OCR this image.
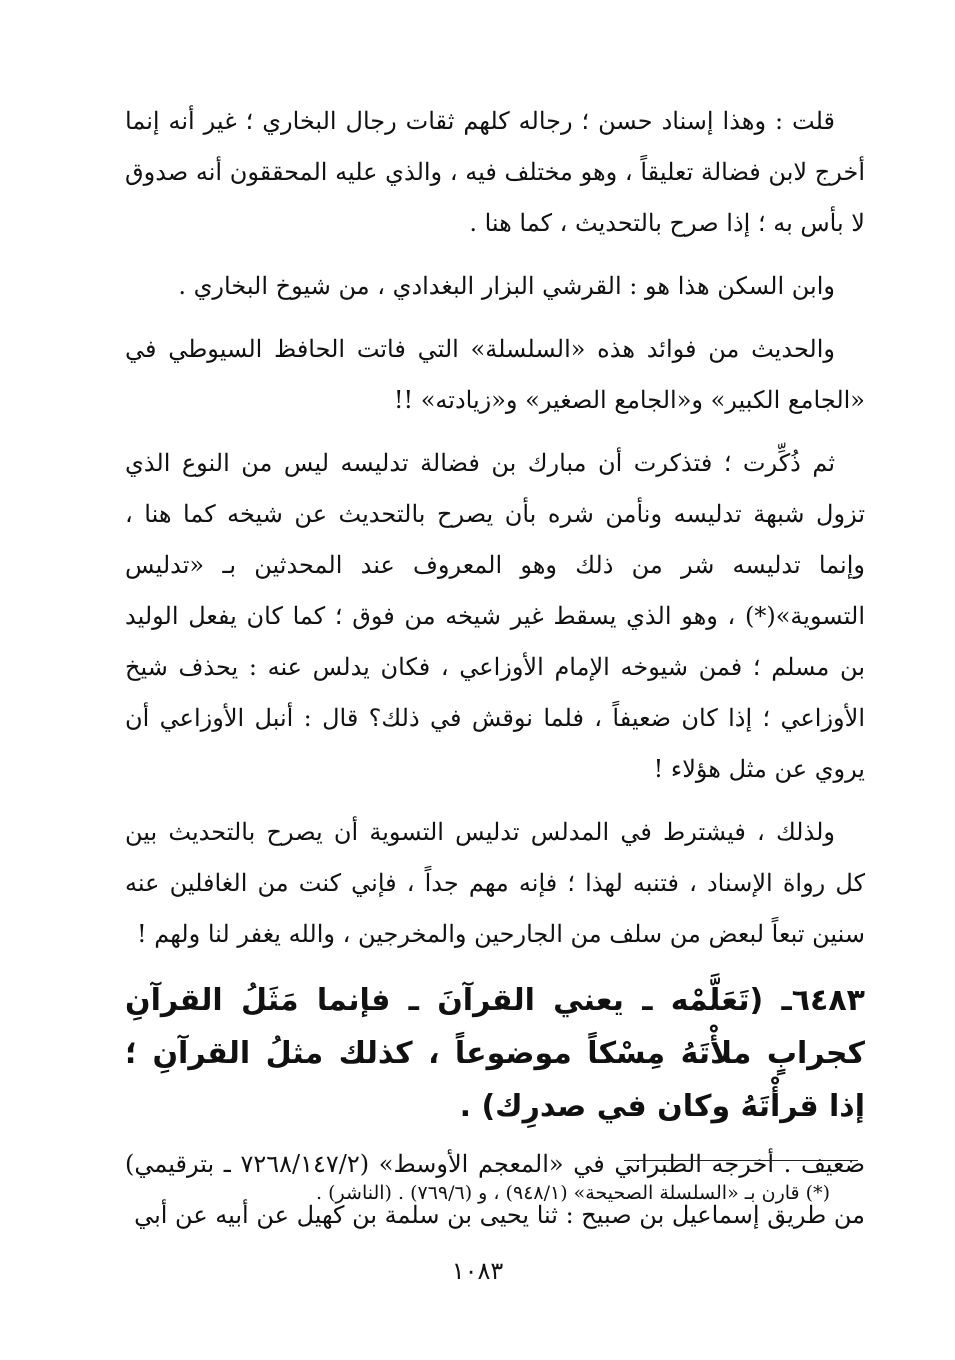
قلت : وهذا إسناد حسن ؛ رجاله كلهم ثقات رجال البخاري ؛ غير أنه إنما أخرج لابن فضالة تعليقاً ، وهو مختلف فيه ، والذي عليه المحققون أنه صدوق لا بأس به ؛ إذا صرح بالتحديث ، كما هنا .

وابن السكن هذا هو : القرشي البزار البغدادي ، من شيوخ البخاري .

والحديث من فوائد هذه «السلسلة» التي فاتت الحافظ السيوطي في «الجامع الكبير» و«الجامع الصغير» و«زيادته» !!

ثم ذُكِّرت ؛ فتذكرت أن مبارك بن فضالة تدليسه ليس من النوع الذي تزول شبهة تدليسه ونأمن شره بأن يصرح بالتحديث عن شيخه كما هنا ، وإنما تدليسه شر من ذلك وهو المعروف عند المحدثين بـ «تدليس التسوية»(*) ، وهو الذي يسقط غير شيخه من فوق ؛ كما كان يفعل الوليد بن مسلم ؛ فمن شيوخه الإمام الأوزاعي ، فكان يدلس عنه : يحذف شيخ الأوزاعي ؛ إذا كان ضعيفاً ، فلما نوقش في ذلك؟ قال : أنبل الأوزاعي أن يروي عن مثل هؤلاء !

ولذلك ، فيشترط في المدلس تدليس التسوية أن يصرح بالتحديث بين كل رواة الإسناد ، فتنبه لهذا ؛ فإنه مهم جداً ، فإني كنت من الغافلين عنه سنين تبعاً لبعض من سلف من الجارحين والمخرجين ، والله يغفر لنا ولهم !

٦٤٨٣ـ (تَعَلَّمْه ـ يعني القرآنَ ـ فإنما مَثَلُ القرآنِ كجرابٍ ملأْتَهُ مِسْكاً موضوعاً ، كذلك مثلُ القرآنِ ؛ إذا قرأْتَهُ وكان في صدرِك) .

ضعيف . أخرجه الطبراني في «المعجم الأوسط» (٧٢٦٨/١٤٧/٢ ـ بترقيمي) من طريق إسماعيل بن صبيح : ثنا يحيى بن سلمة بن كهيل عن أبيه عن أبي

(*) قارن بـ «السلسلة الصحيحة» (٩٤٨/١) ، و (٧٦٩/٦) . (الناشر) .
١٠٨٣
